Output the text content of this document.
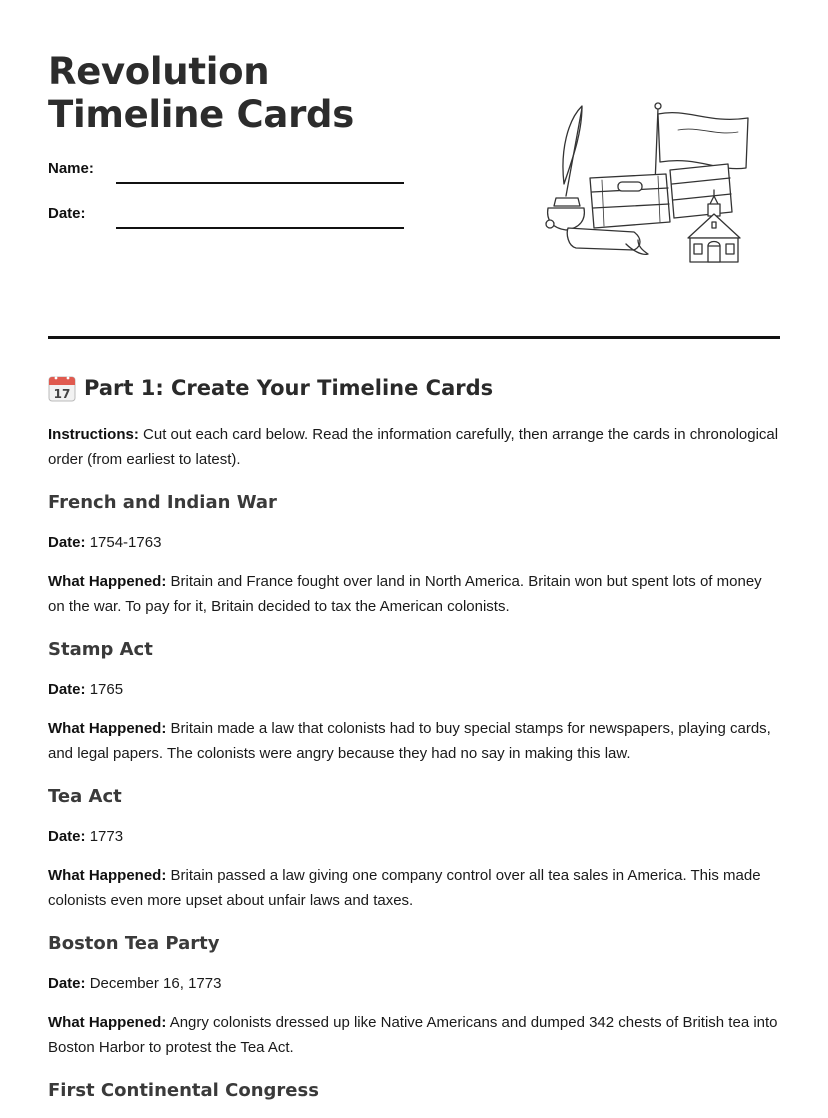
Revolution Timeline Cards
Name:
Date:
17 Part 1: Create Your Timeline Cards

Instructions: Cut out each card below. Read the information carefully, then arrange the cards in chronological order (from earliest to latest).

French and Indian War

Date: 1754-1763

What Happened: Britain and France fought over land in North America. Britain won but spent lots of money on the war. To pay for it, Britain decided to tax the American colonists.

Stamp Act

Date: 1765

What Happened: Britain made a law that colonists had to buy special stamps for newspapers, playing cards, and legal papers. The colonists were angry because they had no say in making this law.

Tea Act

Date: 1773

What Happened: Britain passed a law giving one company control over all tea sales in America. This made colonists even more upset about unfair laws and taxes.

Boston Tea Party

Date: December 16, 1773

What Happened: Angry colonists dressed up like Native Americans and dumped 342 chests of British tea into Boston Harbor to protest the Tea Act.

First Continental Congress
